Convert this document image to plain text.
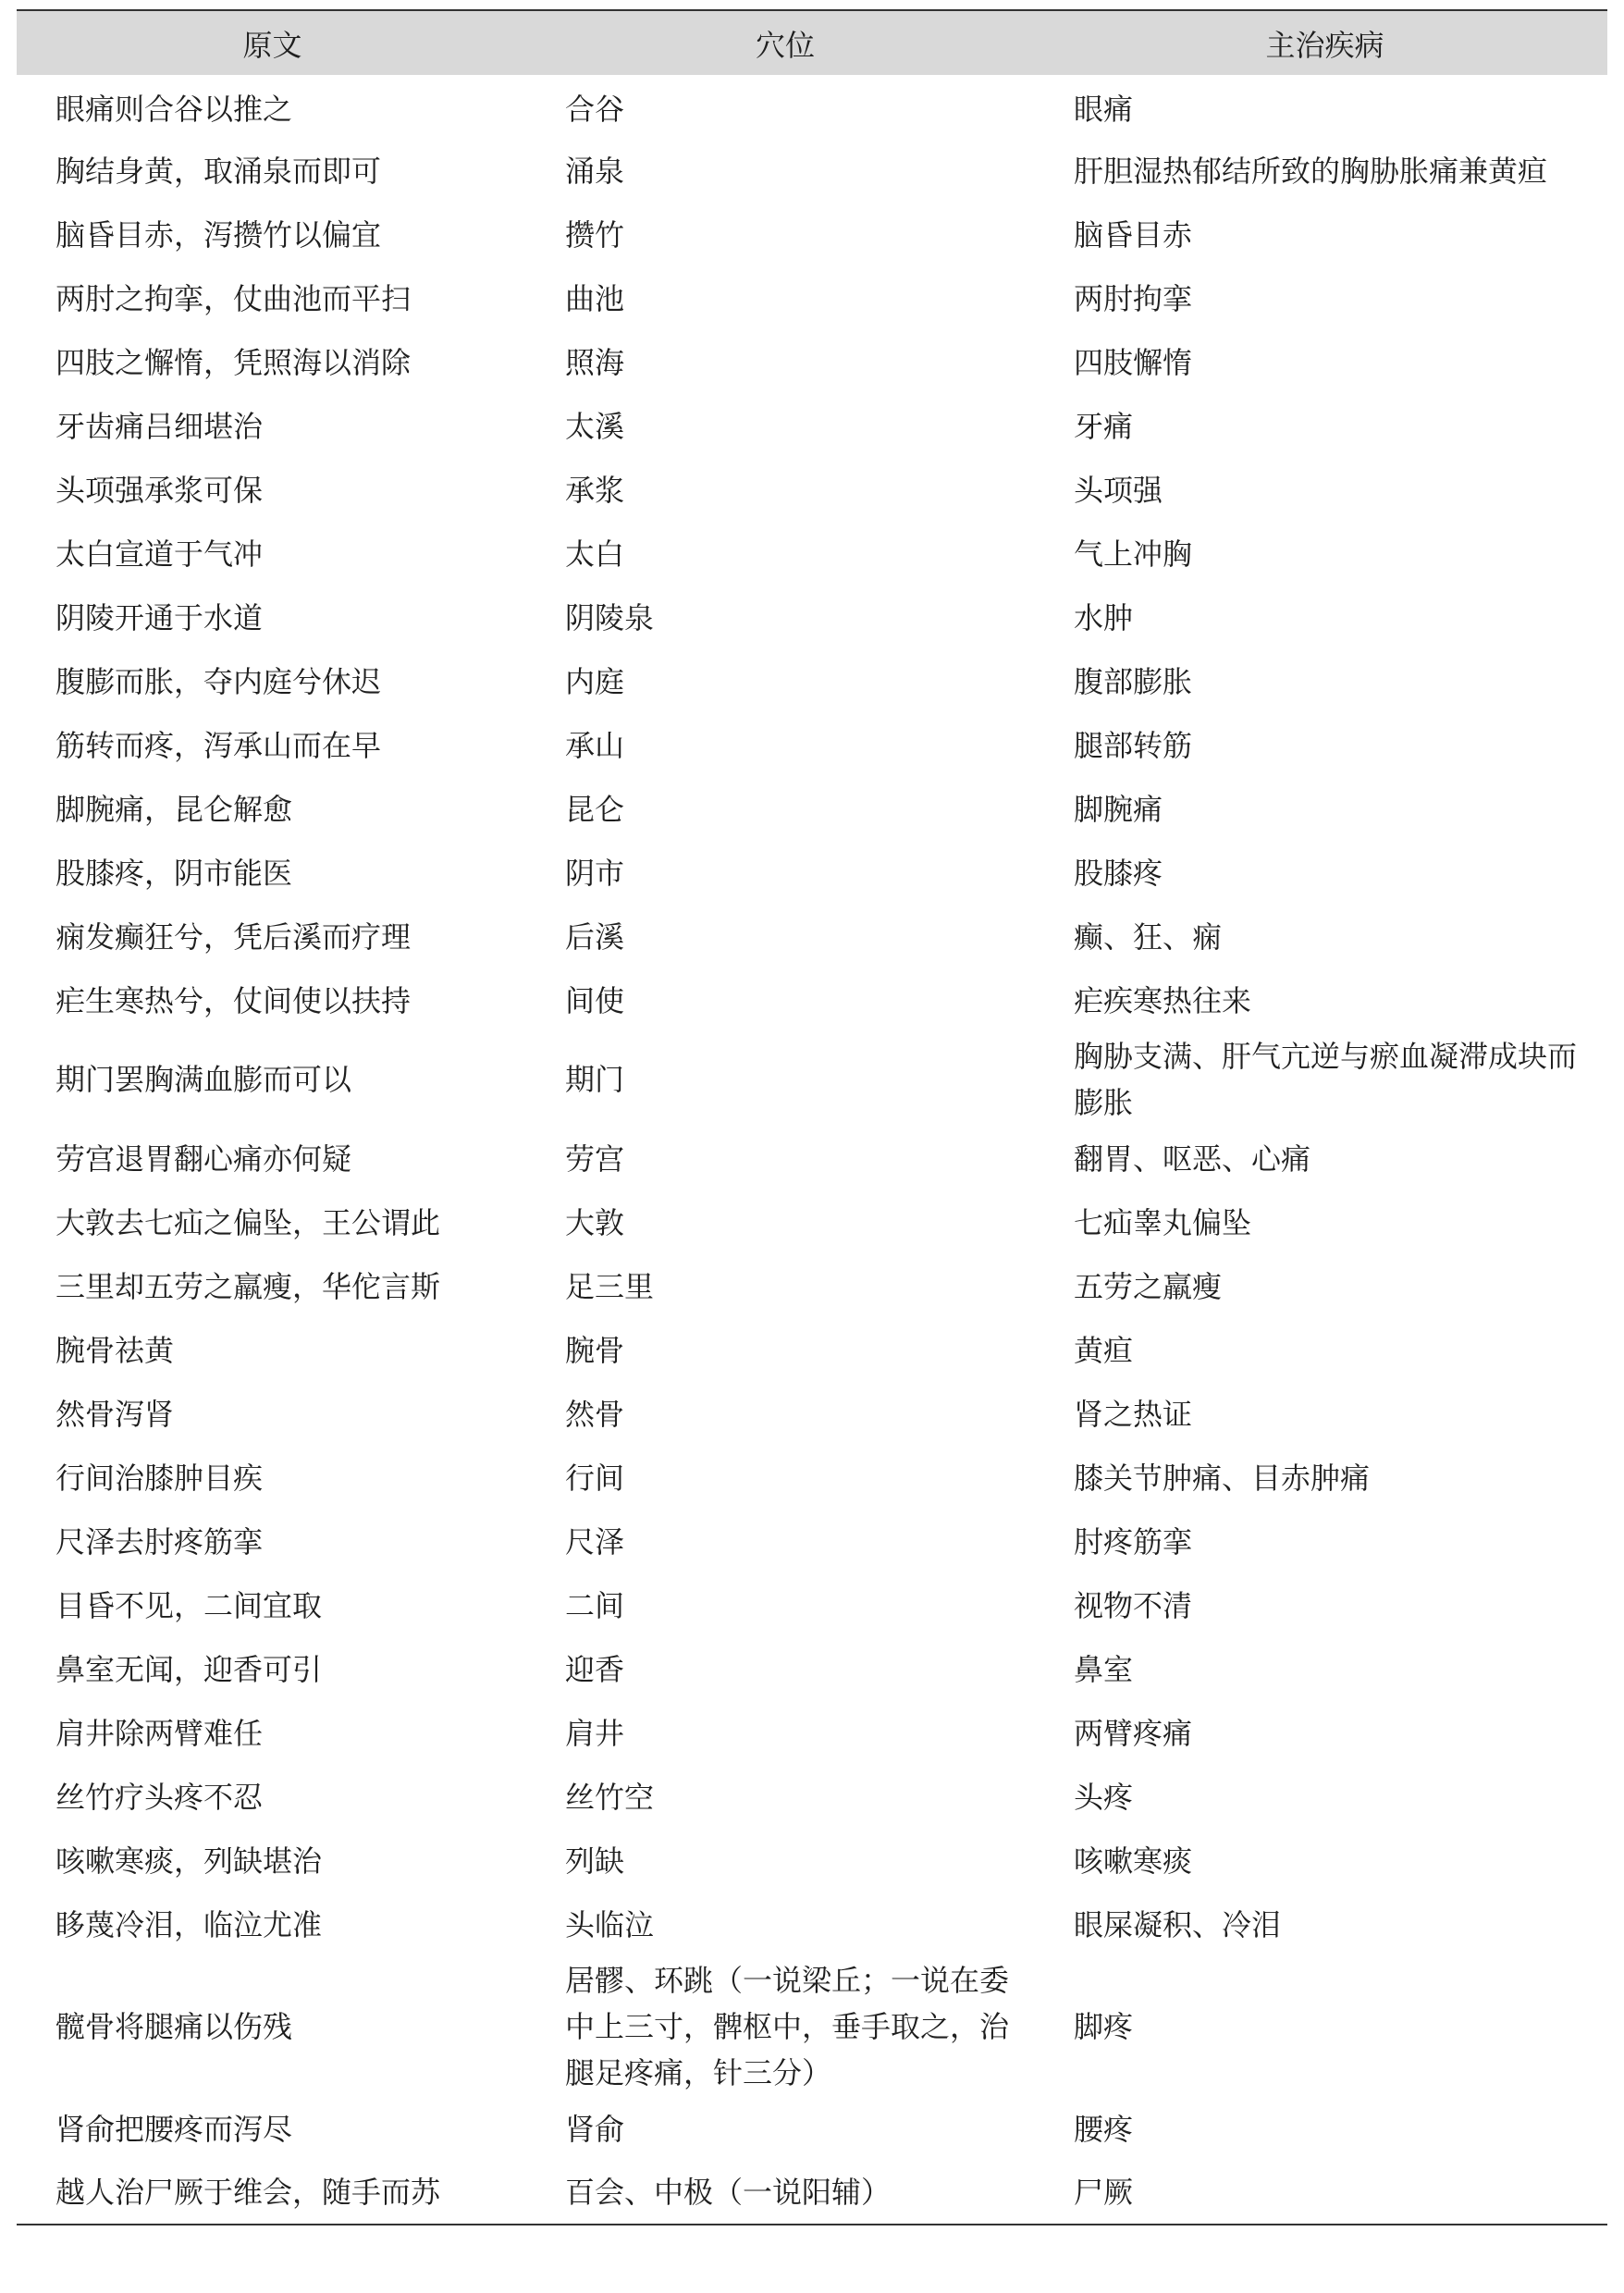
原文	穴位	主治疾病
眼痛则合谷以推之	合谷	眼痛
胸结身黄，取涌泉而即可	涌泉	肝胆湿热郁结所致的胸胁胀痛兼黄疸
脑昏目赤，泻攒竹以偏宜	攒竹	脑昏目赤
两肘之拘挛，仗曲池而平扫	曲池	两肘拘挛
四肢之懈惰，凭照海以消除	照海	四肢懈惰
牙齿痛吕细堪治	太溪	牙痛
头项强承浆可保	承浆	头项强
太白宣道于气冲	太白	气上冲胸
阴陵开通于水道	阴陵泉	水肿
腹膨而胀，夺内庭兮休迟	内庭	腹部膨胀
筋转而疼，泻承山而在早	承山	腿部转筋
脚腕痛，昆仑解愈	昆仑	脚腕痛
股膝疼，阴市能医	阴市	股膝疼
痫发癫狂兮，凭后溪而疗理	后溪	癫、狂、痫
疟生寒热兮，仗间使以扶持	间使	疟疾寒热往来
期门罢胸满血膨而可以	期门	胸胁支满、肝气亢逆与瘀血凝滞成块而膨胀
劳宫退胃翻心痛亦何疑	劳宫	翻胃、呕恶、心痛
大敦去七疝之偏坠，王公谓此	大敦	七疝睾丸偏坠
三里却五劳之羸瘦，华佗言斯	足三里	五劳之羸瘦
腕骨祛黄	腕骨	黄疸
然骨泻肾	然骨	肾之热证
行间治膝肿目疾	行间	膝关节肿痛、目赤肿痛
尺泽去肘疼筋挛	尺泽	肘疼筋挛
目昏不见，二间宜取	二间	视物不清
鼻室无闻，迎香可引	迎香	鼻室
肩井除两臂难任	肩井	两臂疼痛
丝竹疗头疼不忍	丝竹空	头疼
咳嗽寒痰，列缺堪治	列缺	咳嗽寒痰
眵蔑冷泪，临泣尤准	头临泣	眼屎凝积、冷泪
髋骨将腿痛以伤残	居髎、环跳（一说梁丘；一说在委中上三寸，髀枢中，垂手取之，治腿足疼痛，针三分）	脚疼
肾俞把腰疼而泻尽	肾俞	腰疼
越人治尸厥于维会，随手而苏	百会、中极（一说阳辅）	尸厥
